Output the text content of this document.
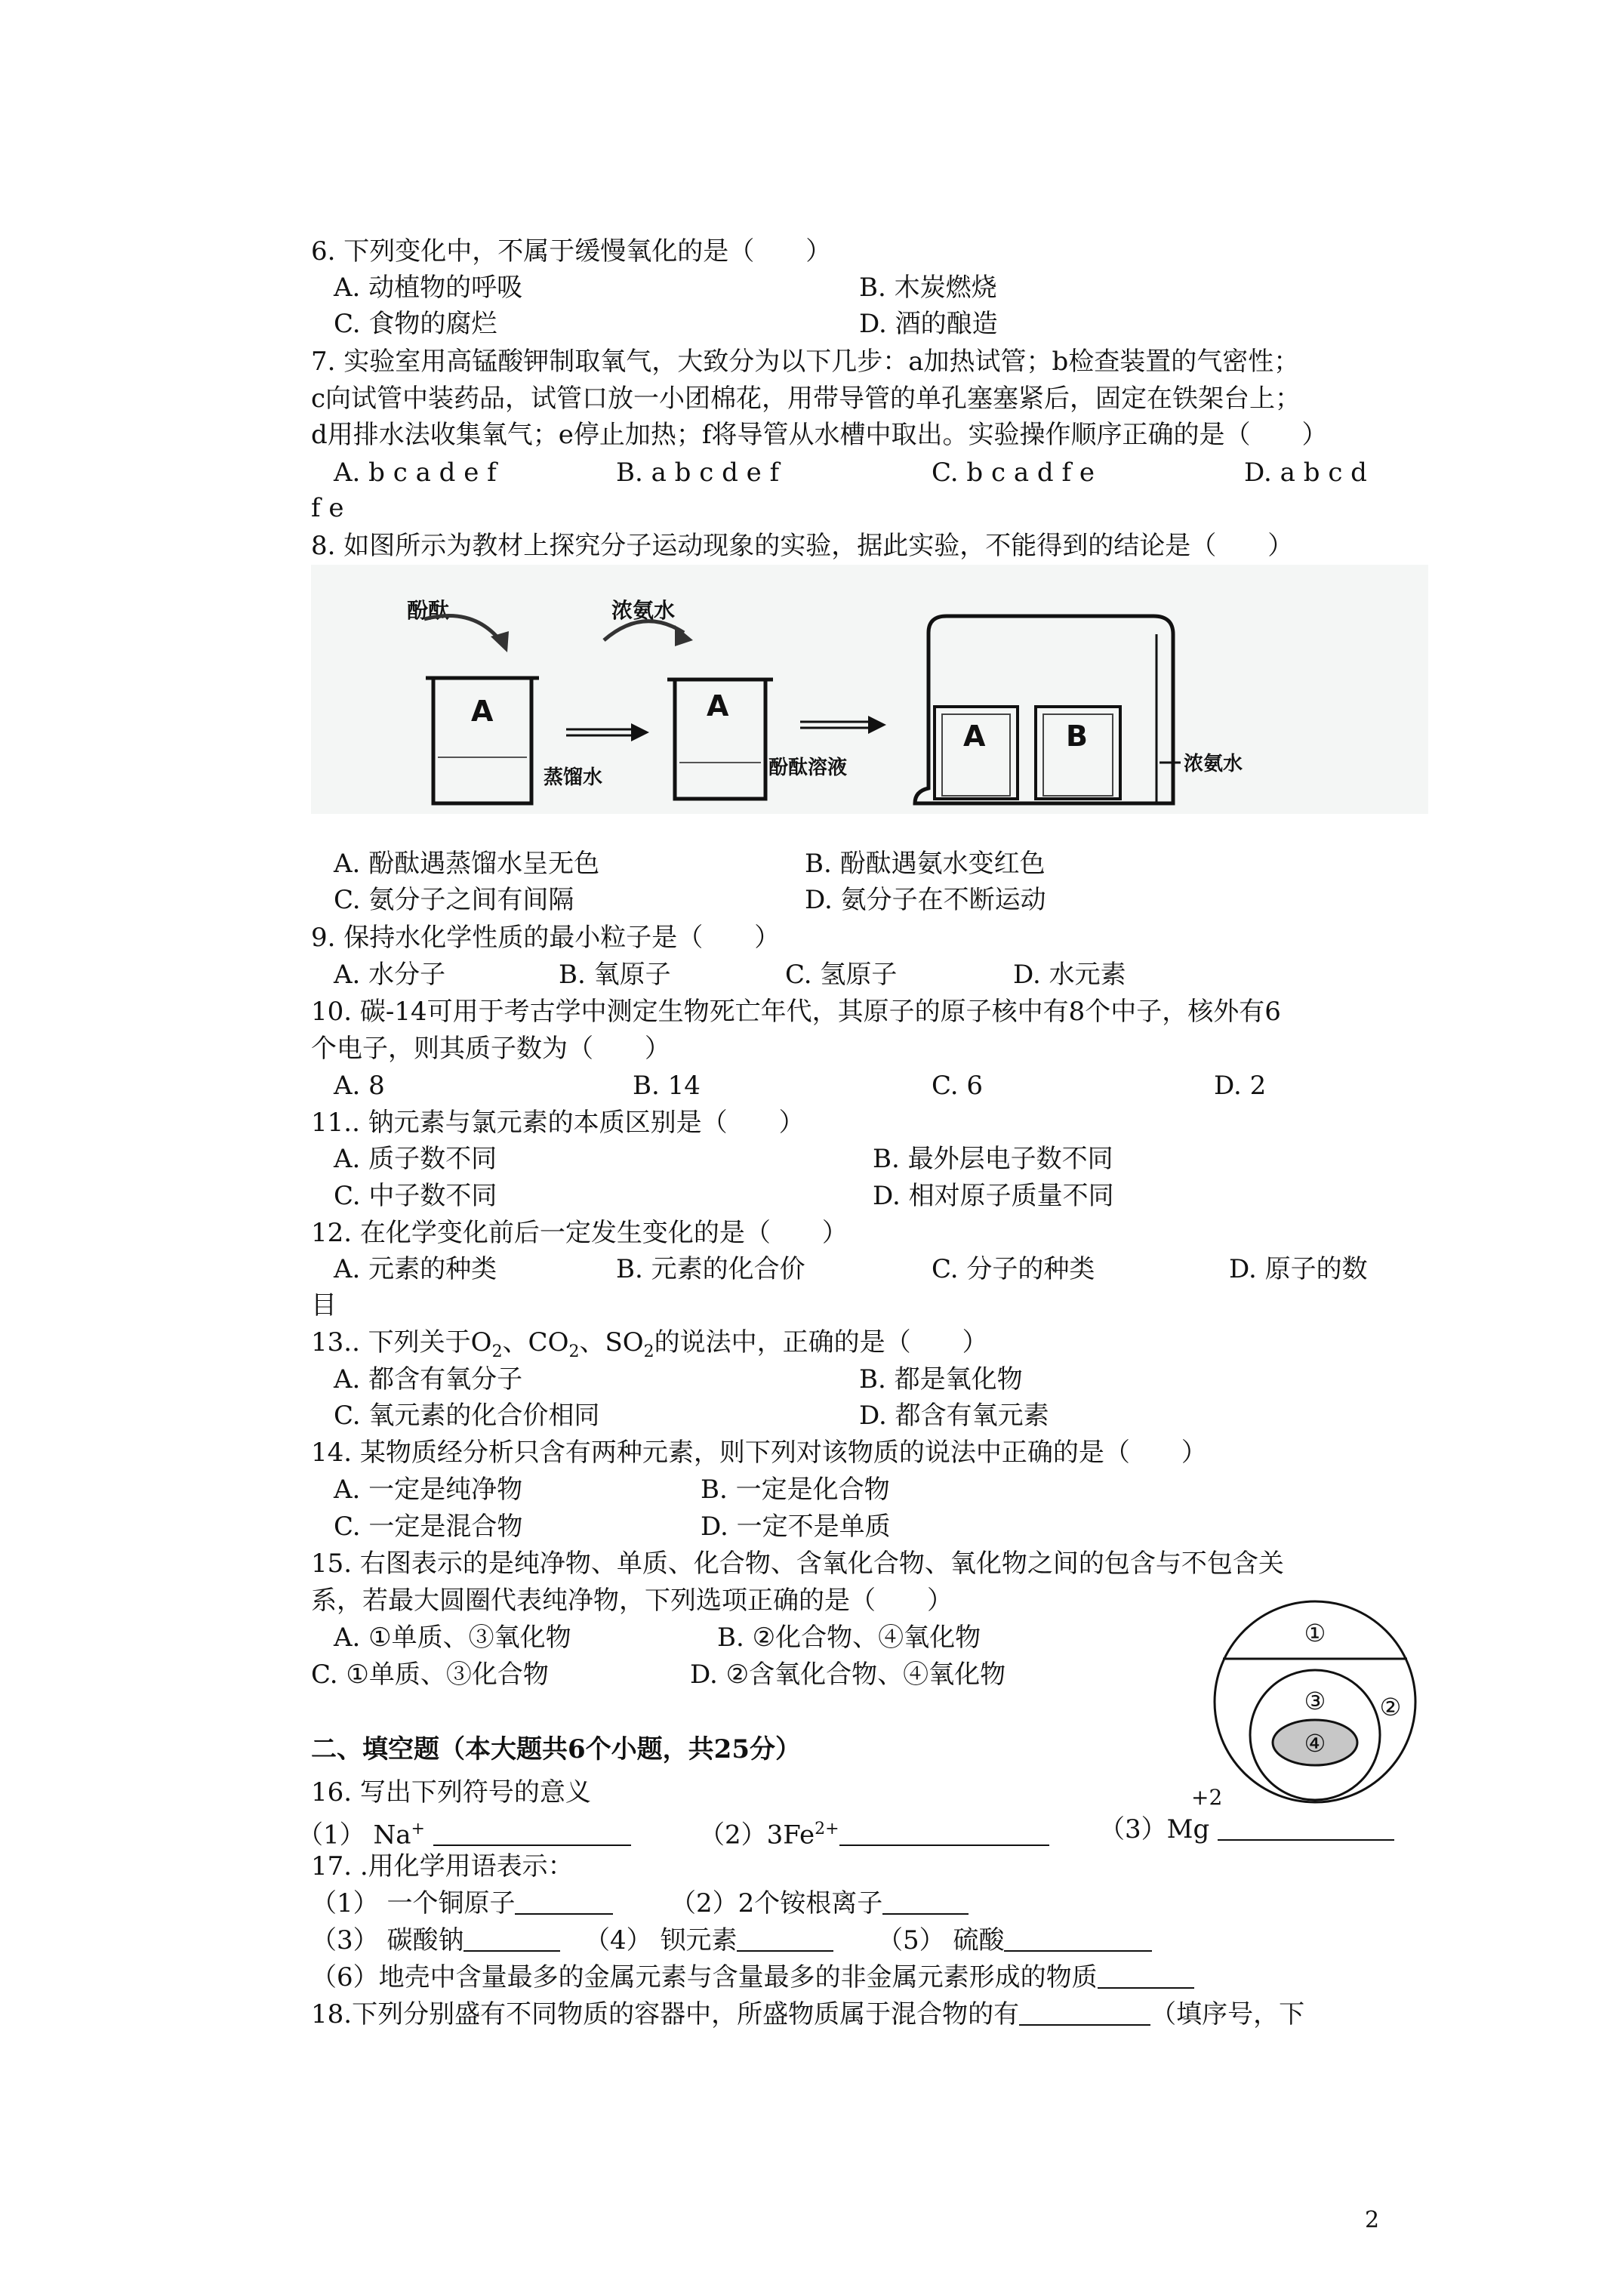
6. 下列变化中，不属于缓慢氧化的是（　　）
A. 动植物的呼吸	B. 木炭燃烧
C. 食物的腐烂	D. 酒的酿造
7. 实验室用高锰酸钾制取氧气，大致分为以下几步：a加热试管；b检查装置的气密性；
c向试管中装药品，试管口放一小团棉花，用带导管的单孔塞塞紧后，固定在铁架台上；
d用排水法收集氧气；e停止加热；f将导管从水槽中取出。实验操作顺序正确的是（　　）
A. b c a d e f	B. a b c d e f	C. b c a d f e	D. a b c d
f e
8. 如图所示为教材上探究分子运动现象的实验，据此实验，不能得到的结论是（　　）
酚酞
A
蒸馏水
浓氨水
A
酚酞溶液
A	B
浓氨水
A. 酚酞遇蒸馏水呈无色	B. 酚酞遇氨水变红色
C. 氨分子之间有间隔	D. 氨分子在不断运动
9. 保持水化学性质的最小粒子是（　　）
A. 水分子	B. 氧原子	C. 氢原子	D. 水元素
10. 碳-14可用于考古学中测定生物死亡年代，其原子的原子核中有8个中子，核外有6
个电子，则其质子数为（　　）
A. 8	B. 14	C. 6	D. 2
11.. 钠元素与氯元素的本质区别是（　　）
A. 质子数不同	B. 最外层电子数不同
C. 中子数不同	D. 相对原子质量不同
12. 在化学变化前后一定发生变化的是（　　）
A. 元素的种类	B. 元素的化合价	C. 分子的种类	D. 原子的数
目
13.. 下列关于$O_2$、$CO_2$、$SO_2$的说法中，正确的是（　　）
A. 都含有氧分子	B. 都是氧化物
C. 氧元素的化合价相同	D. 都含有氧元素
14. 某物质经分析只含有两种元素，则下列对该物质的说法中正确的是（　　）
A. 一定是纯净物	B. 一定是化合物
C. 一定是混合物	D. 一定不是单质
15. 右图表示的是纯净物、单质、化合物、含氧化合物、氧化物之间的包含与不包含关
系，若最大圆圈代表纯净物，下列选项正确的是（　　）
A. ①单质、③氧化物	B. ②化合物、④氧化物
C. ①单质、③化合物	D. ②含氧化合物、④氧化物
①
②
③
④
二、填空题（本大题共6个小题，共25分）
16. 写出下列符号的意义
（1） Na+	$(2)3Fe^{2+}$
+2
（3）Mg
17. .用化学用语表示：
（1） 一个铜原子	（2）2个铵根离子
（3） 碳酸钠	（4） 钡元素	（5） 硫酸
（6）地壳中含量最多的金属元素与含量最多的非金属元素形成的物质
18.下列分别盛有不同物质的容器中，所盛物质属于混合物的有	（填序号，下
2
